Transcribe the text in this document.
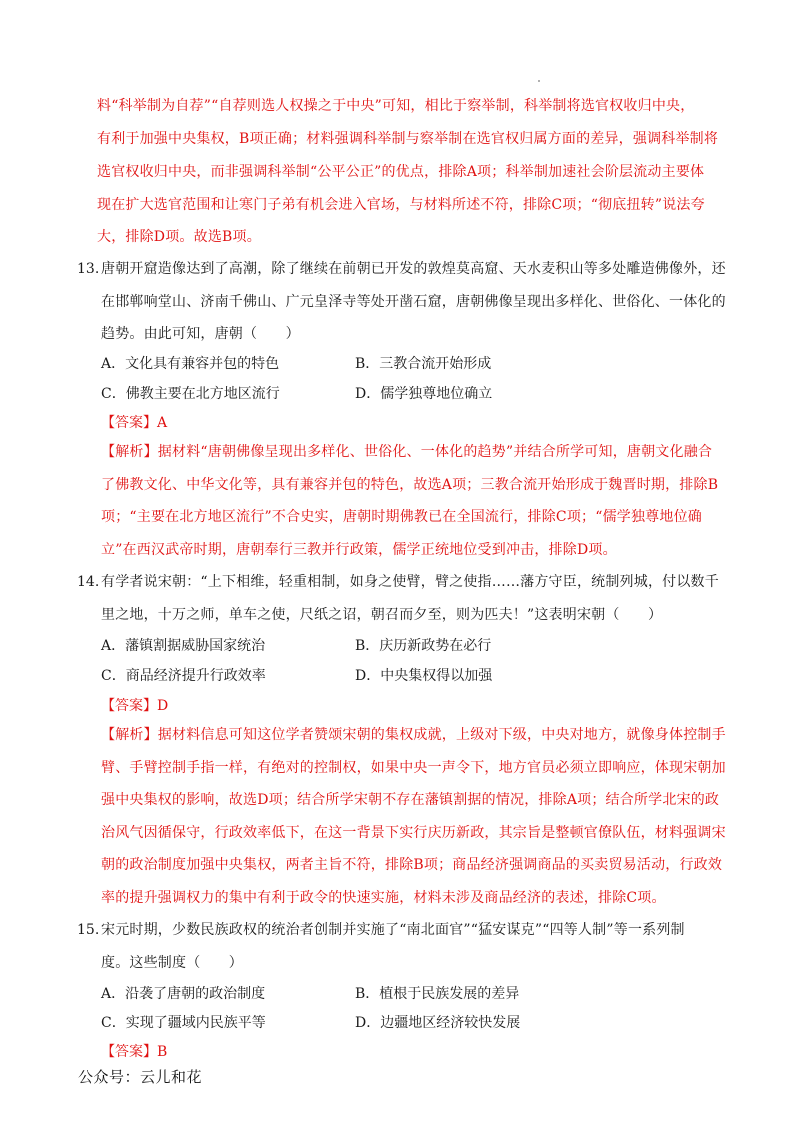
料“科举制为自荐”“自荐则选人权操之于中央”可知，相比于察举制，科举制将选官权收归中央，
有利于加强中央集权，B项正确；材料强调科举制与察举制在选官权归属方面的差异，强调科举制将
选官权收归中央，而非强调科举制“公平公正”的优点，排除A项；科举制加速社会阶层流动主要体
现在扩大选官范围和让寒门子弟有机会进入官场，与材料所述不符，排除C项；“彻底扭转”说法夸
大，排除D项。故选B项。
13. 唐朝开窟造像达到了高潮，除了继续在前朝已开发的敦煌莫高窟、天水麦积山等多处雕造佛像外，还
在邯郸响堂山、济南千佛山、广元皇泽寺等处开凿石窟，唐朝佛像呈现出多样化、世俗化、一体化的
趋势。由此可知，唐朝（　　）
A．文化具有兼容并包的特色	B．三教合流开始形成
C．佛教主要在北方地区流行	D．儒学独尊地位确立
【答案】A
【解析】据材料“唐朝佛像呈现出多样化、世俗化、一体化的趋势”并结合所学可知，唐朝文化融合
了佛教文化、中华文化等，具有兼容并包的特色，故选A项；三教合流开始形成于魏晋时期，排除B
项；“主要在北方地区流行”不合史实，唐朝时期佛教已在全国流行，排除C项；“儒学独尊地位确
立”在西汉武帝时期，唐朝奉行三教并行政策，儒学正统地位受到冲击，排除D项。
14. 有学者说宋朝：“上下相维，轻重相制，如身之使臂，臂之使指……藩方守臣，统制列城，付以数千
里之地，十万之师，单车之使，尺纸之诏，朝召而夕至，则为匹夫！”这表明宋朝（　　）
A．藩镇割据威胁国家统治	B．庆历新政势在必行
C．商品经济提升行政效率	D．中央集权得以加强
【答案】D
【解析】据材料信息可知这位学者赞颂宋朝的集权成就，上级对下级，中央对地方，就像身体控制手
臂、手臂控制手指一样，有绝对的控制权，如果中央一声令下，地方官员必须立即响应，体现宋朝加
强中央集权的影响，故选D项；结合所学宋朝不存在藩镇割据的情况，排除A项；结合所学北宋的政
治风气因循保守，行政效率低下，在这一背景下实行庆历新政，其宗旨是整顿官僚队伍，材料强调宋
朝的政治制度加强中央集权，两者主旨不符，排除B项；商品经济强调商品的买卖贸易活动，行政效
率的提升强调权力的集中有利于政令的快速实施，材料未涉及商品经济的表述，排除C项。
15. 宋元时期，少数民族政权的统治者创制并实施了“南北面官”“猛安谋克”“四等人制”等一系列制
度。这些制度（　　）
A．沿袭了唐朝的政治制度	B．植根于民族发展的差异
C．实现了疆域内民族平等	D．边疆地区经济较快发展
【答案】B
公众号：云儿和花
